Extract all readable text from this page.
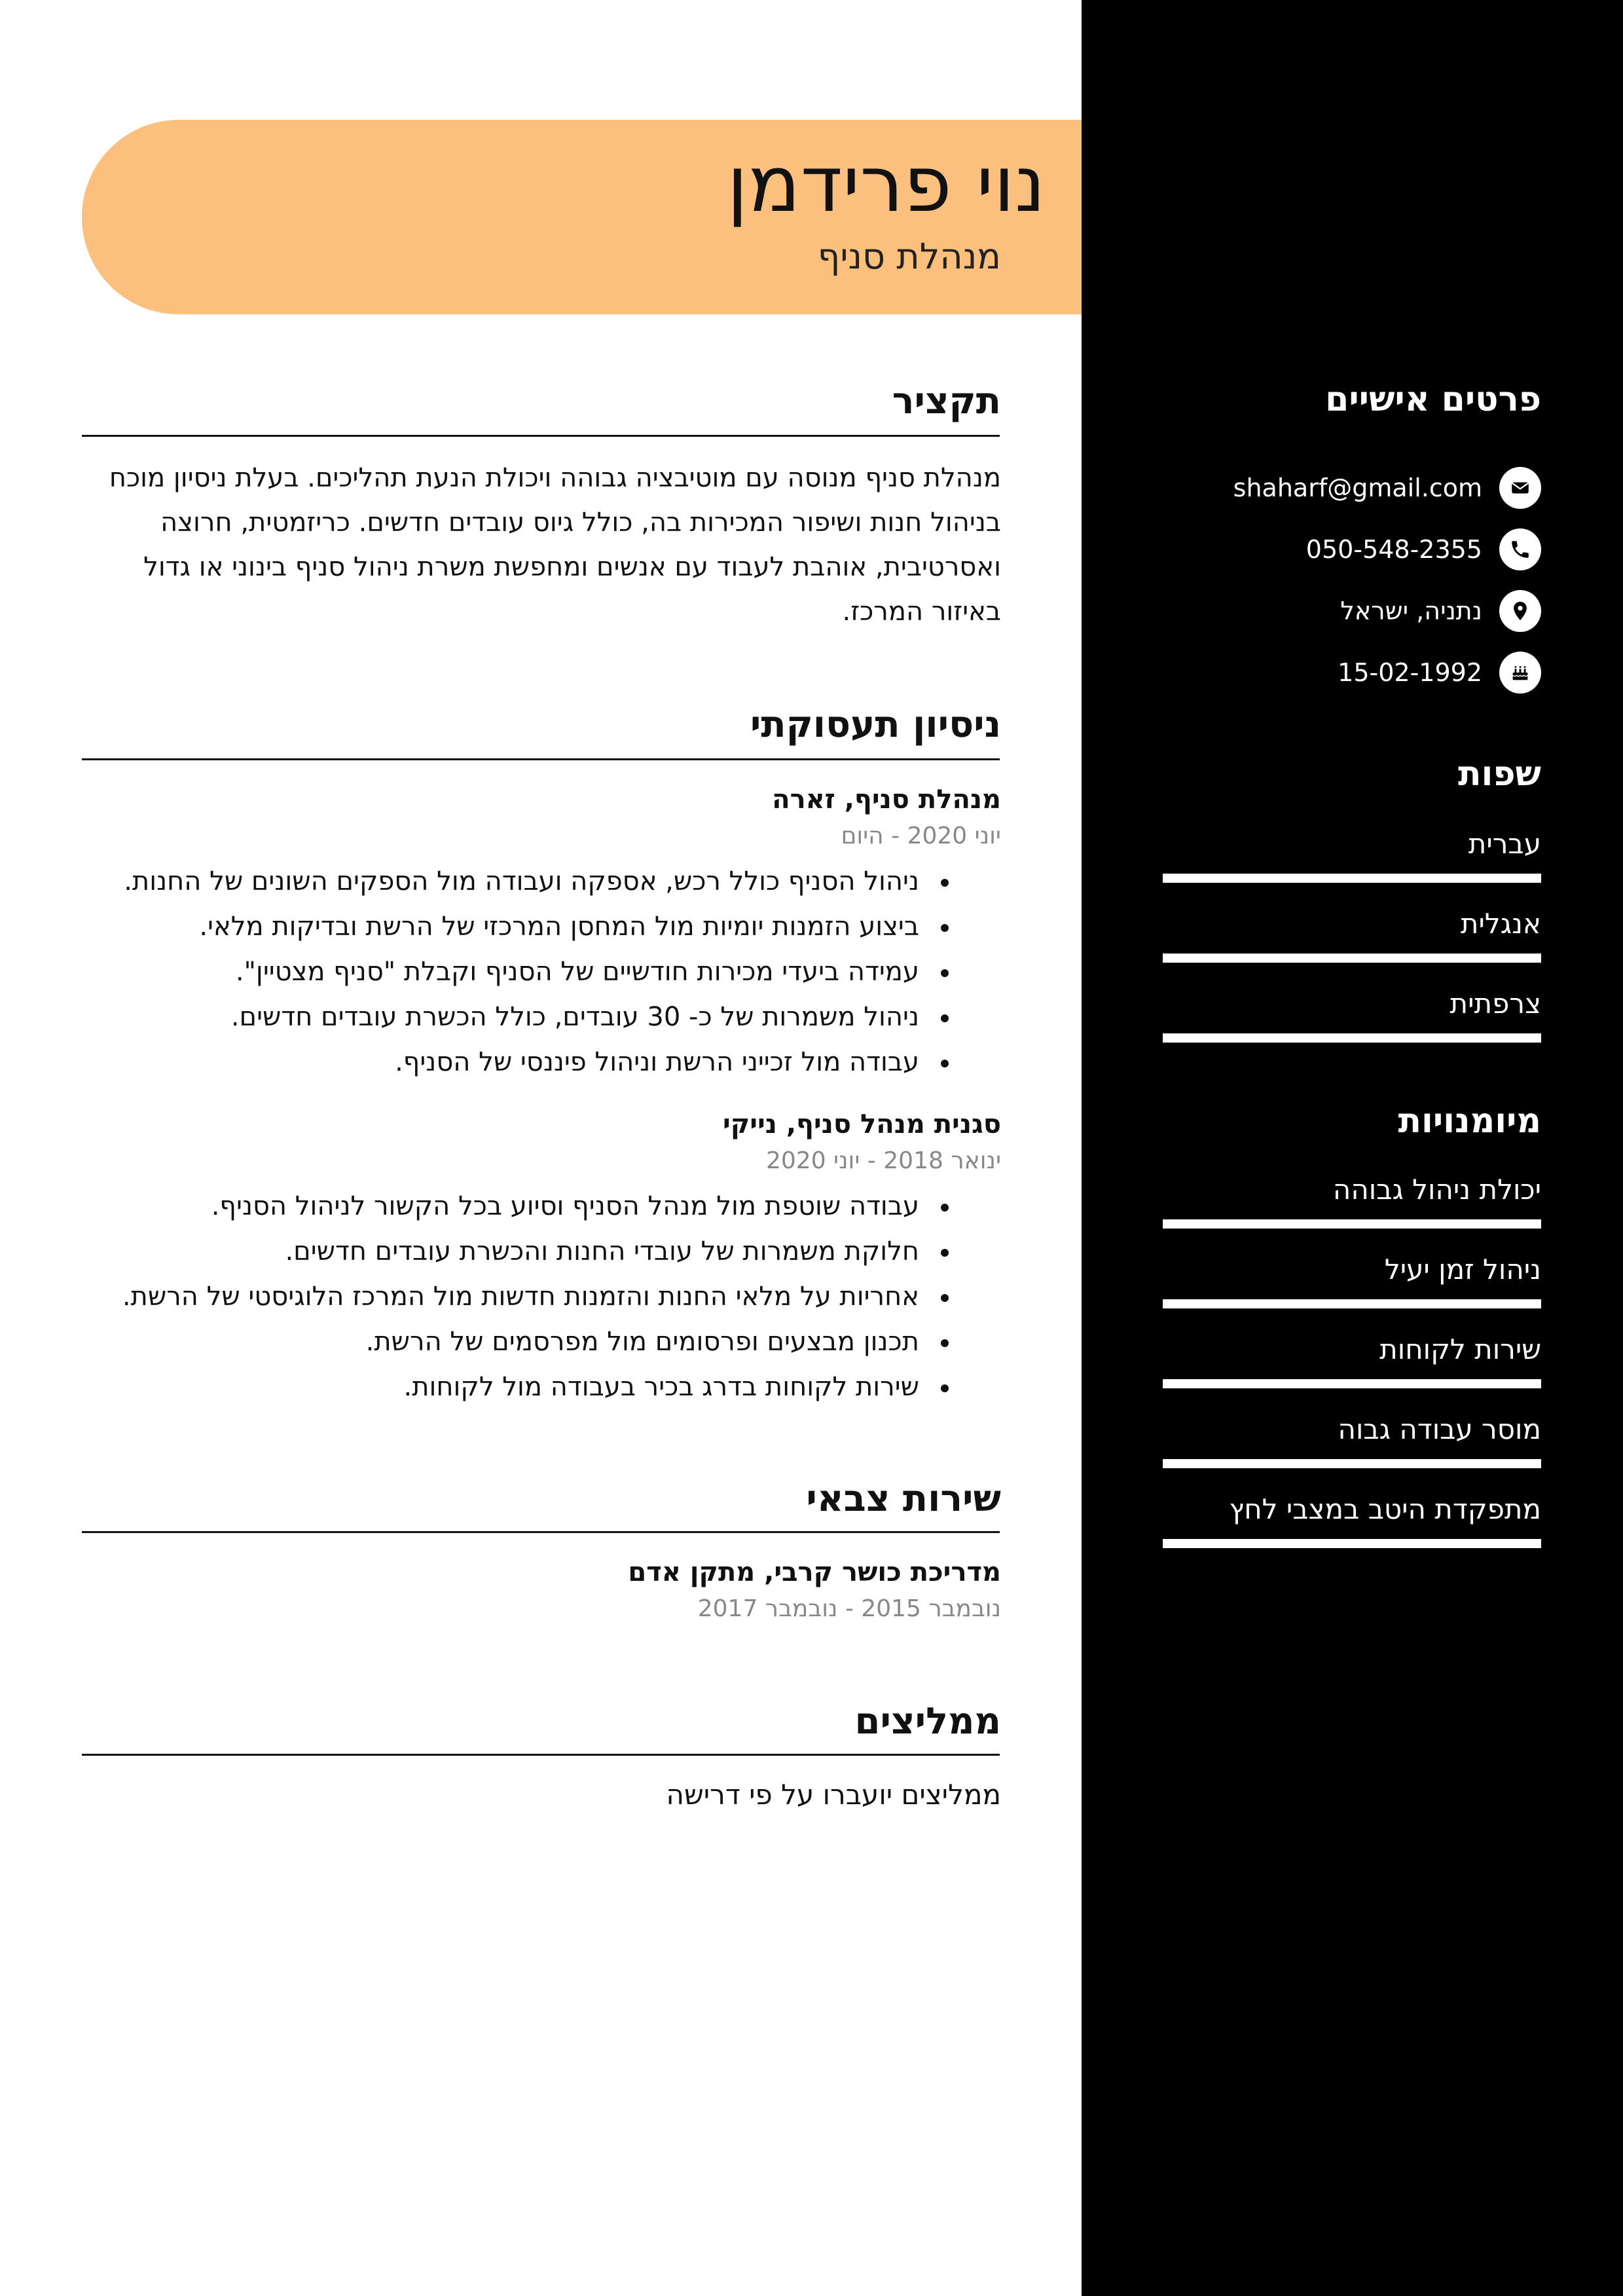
פרטים אישיים
shaharf@gmail.com
050-548-2355
נתניה, ישראל
15-02-1992
שפות
עברית
אנגלית
צרפתית
מיומנויות
יכולת ניהול גבוהה
ניהול זמן יעיל
שירות לקוחות
מוסר עבודה גבוה
מתפקדת היטב במצבי לחץ
נוי פרידמן
מנהלת סניף
תקציר

מנהלת סניף מנוסה עם מוטיבציה גבוהה ויכולת הנעת תהליכים. בעלת ניסיון מוכח בניהול חנות ושיפור המכירות בה, כולל גיוס עובדים חדשים. כריזמטית, חרוצה ואסרטיבית, אוהבת לעבוד עם אנשים ומחפשת משרת ניהול סניף בינוני או גדול באיזור המרכז.

ניסיון תעסוקתי
מנהלת סניף, זארה
יוני 2020 - היום
ניהול הסניף כולל רכש, אספקה ועבודה מול הספקים השונים של החנות.
ביצוע הזמנות יומיות מול המחסן המרכזי של הרשת ובדיקות מלאי.
עמידה ביעדי מכירות חודשיים של הסניף וקבלת "סניף מצטיין".
ניהול משמרות של כ- 30 עובדים, כולל הכשרת עובדים חדשים.
עבודה מול זכייני הרשת וניהול פיננסי של הסניף.
סגנית מנהל סניף, נייקי
ינואר 2018 - יוני 2020
עבודה שוטפת מול מנהל הסניף וסיוע בכל הקשור לניהול הסניף.
חלוקת משמרות של עובדי החנות והכשרת עובדים חדשים.
אחריות על מלאי החנות והזמנות חדשות מול המרכז הלוגיסטי של הרשת.
תכנון מבצעים ופרסומים מול מפרסמים של הרשת.
שירות לקוחות בדרג בכיר בעבודה מול לקוחות.
שירות צבאי
מדריכת כושר קרבי, מתקן אדם
נובמבר 2015 - נובמבר 2017
ממליצים
ממליצים יועברו על פי דרישה
